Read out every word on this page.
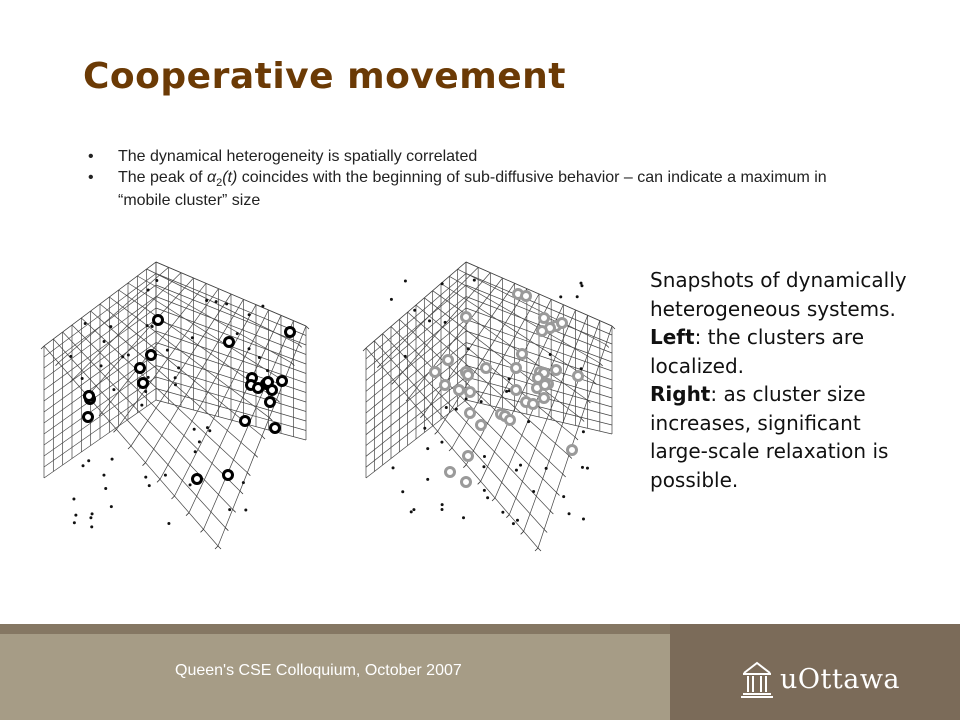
Cooperative movement
•	The dynamical heterogeneity is spatially correlated
•	The peak of $\alpha_2(t)$ coincides with the beginning of sub-diffusive behavior – can indicate a maximum in “mobile cluster” size
Snapshots of dynamically heterogeneous systems.
Left: the clusters are localized.
Right: as cluster size increases, significant large-scale relaxation is possible.
Queen's CSE Colloquium, October 2007	uOttawa
